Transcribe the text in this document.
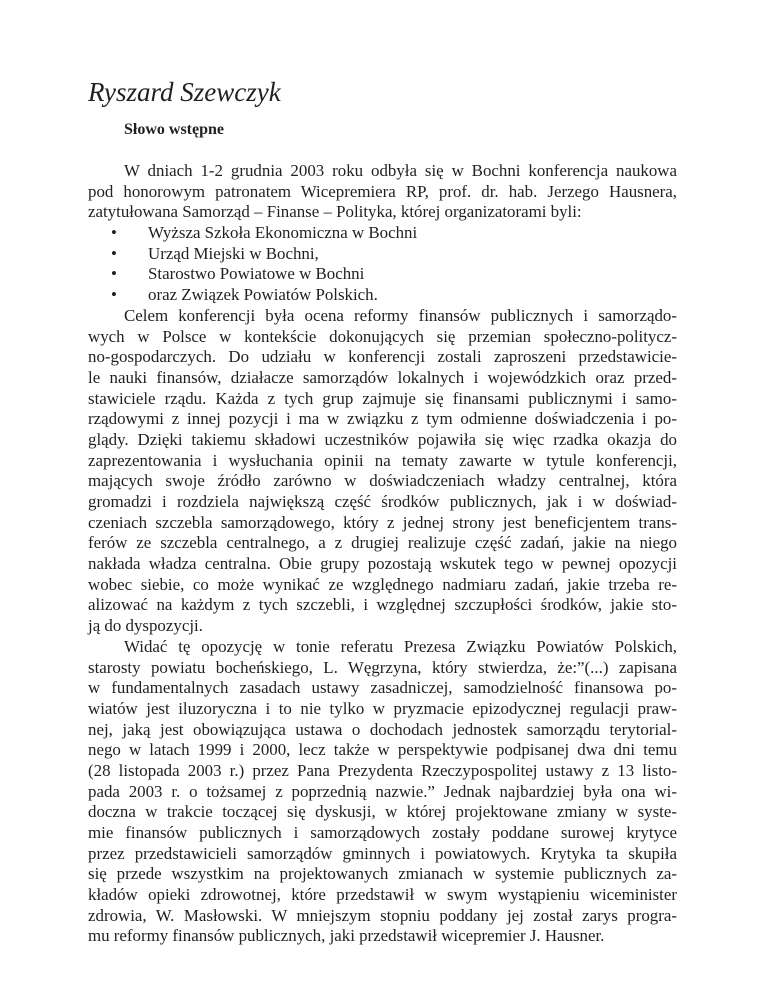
Ryszard Szewczyk
Słowo wstępne
W dniach 1-2 grudnia 2003 roku odbyła się w Bochni konferencja naukowa
pod honorowym patronatem Wicepremiera RP, prof. dr. hab. Jerzego Hausnera,
zatytułowana Samorząd – Finanse – Polityka, której organizatorami byli:
• Wyższa Szkoła Ekonomiczna w Bochni
• Urząd Miejski w Bochni,
• Starostwo Powiatowe w Bochni
• oraz Związek Powiatów Polskich.
Celem konferencji była ocena reformy finansów publicznych i samorządo-
wych w Polsce w kontekście dokonujących się przemian społeczno-politycz-
no-gospodarczych. Do udziału w konferencji zostali zaproszeni przedstawicie-
le nauki finansów, działacze samorządów lokalnych i wojewódzkich oraz przed-
stawiciele rządu. Każda z tych grup zajmuje się finansami publicznymi i samo-
rządowymi z innej pozycji i ma w związku z tym odmienne doświadczenia i po-
glądy. Dzięki takiemu składowi uczestników pojawiła się więc rzadka okazja do
zaprezentowania i wysłuchania opinii na tematy zawarte w tytule konferencji,
mających swoje źródło zarówno w doświadczeniach władzy centralnej, która
gromadzi i rozdziela największą część środków publicznych, jak i w doświad-
czeniach szczebla samorządowego, który z jednej strony jest beneficjentem trans-
ferów ze szczebla centralnego, a z drugiej realizuje część zadań, jakie na niego
nakłada władza centralna. Obie grupy pozostają wskutek tego w pewnej opozycji
wobec siebie, co może wynikać ze względnego nadmiaru zadań, jakie trzeba re-
alizować na każdym z tych szczebli, i względnej szczupłości środków, jakie sto-
ją do dyspozycji.
Widać tę opozycję w tonie referatu Prezesa Związku Powiatów Polskich,
starosty powiatu bocheńskiego, L. Węgrzyna, który stwierdza, że:”(...) zapisana
w fundamentalnych zasadach ustawy zasadniczej, samodzielność finansowa po-
wiatów jest iluzoryczna i to nie tylko w pryzmacie epizodycznej regulacji praw-
nej, jaką jest obowiązująca ustawa o dochodach jednostek samorządu terytorial-
nego w latach 1999 i 2000, lecz także w perspektywie podpisanej dwa dni temu
(28 listopada 2003 r.) przez Pana Prezydenta Rzeczypospolitej ustawy z 13 listo-
pada 2003 r. o tożsamej z poprzednią nazwie.” Jednak najbardziej była ona wi-
doczna w trakcie toczącej się dyskusji, w której projektowane zmiany w syste-
mie finansów publicznych i samorządowych zostały poddane surowej krytyce
przez przedstawicieli samorządów gminnych i powiatowych. Krytyka ta skupiła
się przede wszystkim na projektowanych zmianach w systemie publicznych za-
kładów opieki zdrowotnej, które przedstawił w swym wystąpieniu wiceminister
zdrowia, W. Masłowski. W mniejszym stopniu poddany jej został zarys progra-
mu reformy finansów publicznych, jaki przedstawił wicepremier J. Hausner.
